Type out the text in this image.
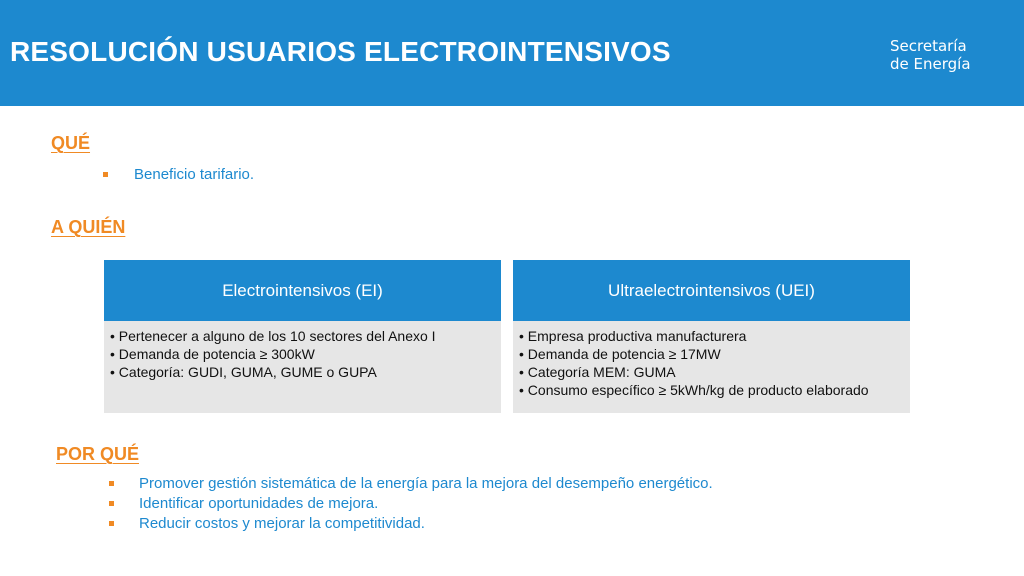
RESOLUCIÓN USUARIOS ELECTROINTENSIVOS	Secretaría
de Energía
QUÉ
Beneficio tarifario.
A QUIÉN
Electrointensivos (EI)
• Pertenecer a alguno de los 10 sectores del Anexo I
• Demanda de potencia ≥ 300kW
• Categoría: GUDI, GUMA, GUME o GUPA
Ultraelectrointensivos (UEI)
• Empresa productiva manufacturera
• Demanda de potencia ≥ 17MW
• Categoría MEM: GUMA
• Consumo específico ≥ 5kWh/kg de producto elaborado
POR QUÉ
Promover gestión sistemática de la energía para la mejora del desempeño energético.
Identificar oportunidades de mejora.
Reducir costos y mejorar la competitividad.
